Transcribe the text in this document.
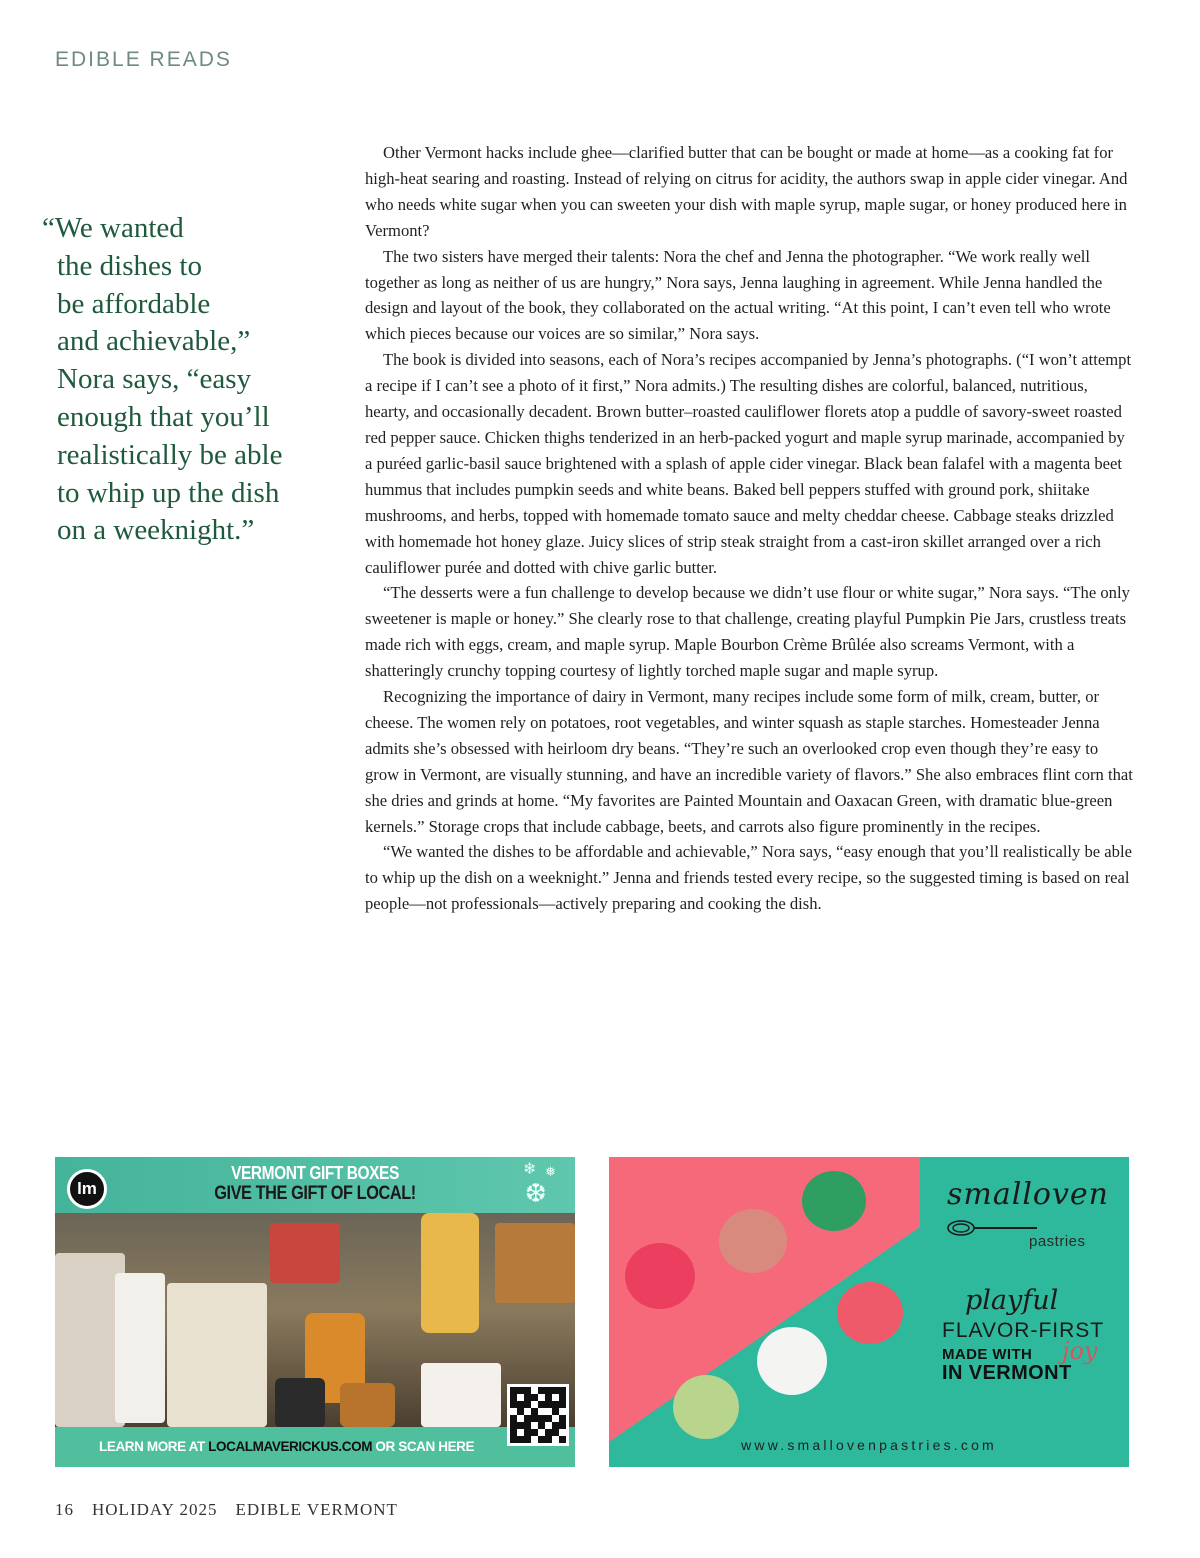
EDIBLE READS
“We wanted
the dishes to
be affordable
and achievable,”
Nora says, “easy
enough that you’ll
realistically be able
to whip up the dish
on a weeknight.”

Other Vermont hacks include ghee—clarified butter that can be bought or made at home—as a cooking fat for high-heat searing and roasting. Instead of relying on citrus for acidity, the authors swap in apple cider vinegar. And who needs white sugar when you can sweeten your dish with maple syrup, maple sugar, or honey produced here in Vermont?

The two sisters have merged their talents: Nora the chef and Jenna the photographer. “We work really well together as long as neither of us are hungry,” Nora says, Jenna laughing in agreement. While Jenna handled the design and layout of the book, they collaborated on the actual writing. “At this point, I can’t even tell who wrote which pieces because our voices are so similar,” Nora says.

The book is divided into seasons, each of Nora’s recipes accompanied by Jenna’s photographs. (“I won’t attempt a recipe if I can’t see a photo of it first,” Nora admits.) The resulting dishes are colorful, balanced, nutritious, hearty, and occasionally decadent. Brown butter–roasted cauliflower florets atop a puddle of savory-sweet roasted red pepper sauce. Chicken thighs tenderized in an herb-packed yogurt and maple syrup marinade, accompanied by a puréed garlic-basil sauce brightened with a splash of apple cider vinegar. Black bean falafel with a magenta beet hummus that includes pumpkin seeds and white beans. Baked bell peppers stuffed with ground pork, shiitake mushrooms, and herbs, topped with homemade tomato sauce and melty cheddar cheese. Cabbage steaks drizzled with homemade hot honey glaze. Juicy slices of strip steak straight from a cast-iron skillet arranged over a rich cauliflower purée and dotted with chive garlic butter.

“The desserts were a fun challenge to develop because we didn’t use flour or white sugar,” Nora says. “The only sweetener is maple or honey.” She clearly rose to that challenge, creating playful Pumpkin Pie Jars, crustless treats made rich with eggs, cream, and maple syrup. Maple Bourbon Crème Brûlée also screams Vermont, with a shatteringly crunchy topping courtesy of lightly torched maple sugar and maple syrup.

Recognizing the importance of dairy in Vermont, many recipes include some form of milk, cream, butter, or cheese. The women rely on potatoes, root vegetables, and winter squash as staple starches. Homesteader Jenna admits she’s obsessed with heirloom dry beans. “They’re such an overlooked crop even though they’re easy to grow in Vermont, are visually stunning, and have an incredible variety of flavors.” She also embraces flint corn that she dries and grinds at home. “My favorites are Painted Mountain and Oaxacan Green, with dramatic blue-green kernels.” Storage crops that include cabbage, beets, and carrots also figure prominently in the recipes.

“We wanted the dishes to be affordable and achievable,” Nora says, “easy enough that you’ll realistically be able to whip up the dish on a weeknight.” Jenna and friends tested every recipe, so the suggested timing is based on real people—not professionals—actively preparing and cooking the dish.

lm
VERMONT GIFT BOXES
GIVE THE GIFT OF LOCAL!
❄ ❅
❆
LEARN MORE AT LOCALMAVERICKUS.COM OR SCAN HERE
smalloven
pastries
playful
FLAVOR-FIRST
MADE WITH joy
IN VERMONT
www.smallovenpastries.com
16 HOLIDAY 2025 EDIBLE VERMONT
